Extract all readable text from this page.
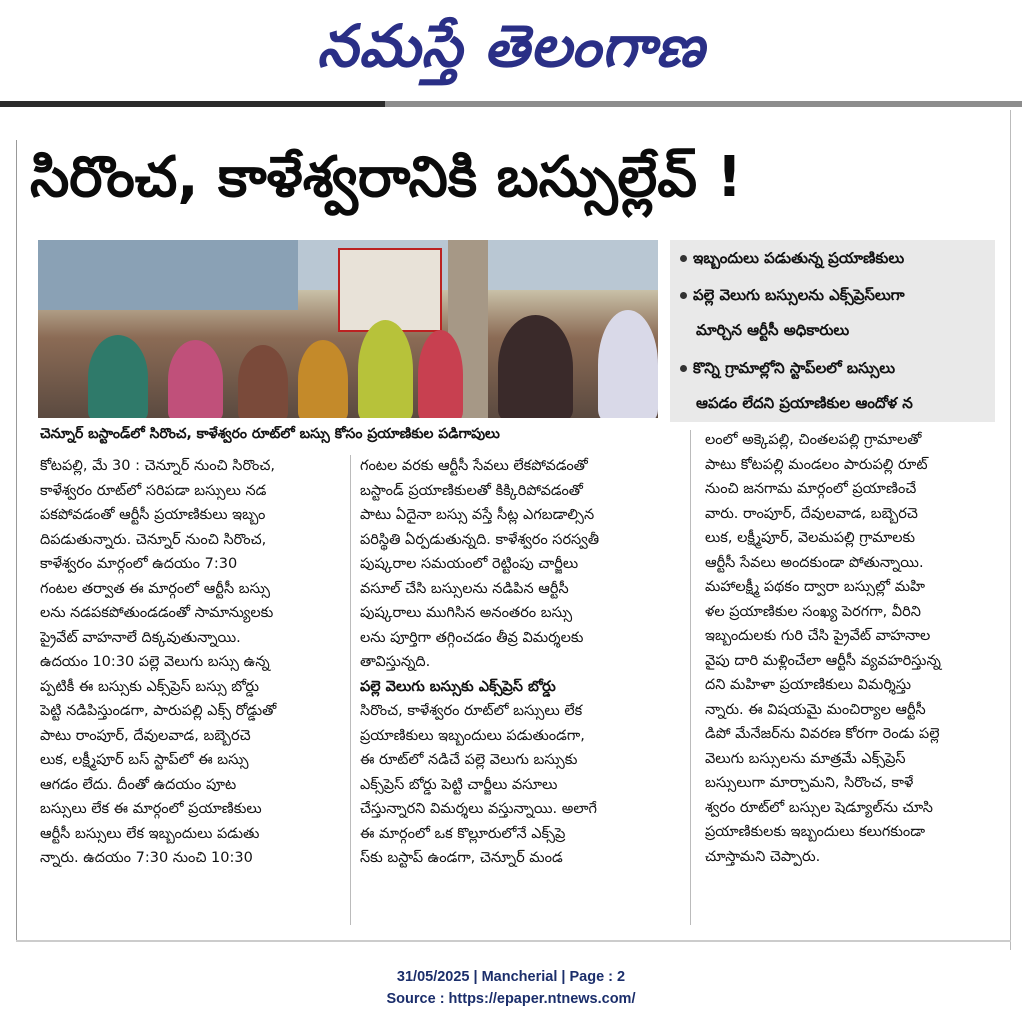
నమస్తే తెలంగాణ
సిరొంచ, కాళేశ్వరానికి బస్సుల్లేవ్ !
చెన్నూర్ బస్టాండ్‌లో సిరొంచ, కాళేశ్వరం రూట్‌లో బస్సు కోసం ప్రయాణికుల పడిగాపులు
ఇబ్బందులు పడుతున్న ప్రయాణికులు
పల్లె వెలుగు బస్సులను ఎక్స్‌ప్రెస్‌లుగా
మార్చిన ఆర్టీసీ అధికారులు
కొన్ని గ్రామాల్లోని స్టాప్‌లలో బస్సులు
ఆపడం లేదని ప్రయాణికుల ఆందోళ న
కోటపల్లి, మే 30 : చెన్నూర్ నుంచి సిరొంచ,
కాళేశ్వరం రూట్‌లో సరిపడా బస్సులు నడ
పకపోవడంతో ఆర్టీసీ ప్రయాణికులు ఇబ్బం
దిపడుతున్నారు. చెన్నూర్ నుంచి సిరొంచ,
కాళేశ్వరం మార్గంలో ఉదయం 7:30
గంటల తర్వాత ఈ మార్గంలో ఆర్టీసీ బస్సు
లను నడపకపోతుండడంతో సామాన్యులకు
ప్రైవేట్ వాహనాలే దిక్కవుతున్నాయి.
ఉదయం 10:30 పల్లె వెలుగు బస్సు ఉన్న
ప్పటికీ ఈ బస్సుకు ఎక్స్‌ప్రెస్ బస్సు బోర్డు
పెట్టి నడిపిస్తుండగా, పారుపల్లి ఎక్స్ రోడ్డుతో
పాటు రాంపూర్, దేవులవాడ, బబ్బెరచె
లుక, లక్ష్మీపూర్ బస్ స్టాప్‌లో ఈ బస్సు
ఆగడం లేదు. దీంతో ఉదయం పూట
బస్సులు లేక ఈ మార్గంలో ప్రయాణికులు
ఆర్టీసీ బస్సులు లేక ఇబ్బందులు పడుతు
న్నారు. ఉదయం 7:30 నుంచి 10:30
గంటల వరకు ఆర్టీసీ సేవలు లేకపోవడంతో
బస్టాండ్ ప్రయాణికులతో కిక్కిరిపోవడంతో
పాటు ఏదైనా బస్సు వస్తే సీట్ల ఎగబడాల్సిన
పరిస్థితి ఏర్పడుతున్నది. కాళేశ్వరం సరస్వతీ
పుష్కరాల సమయంలో రెట్టింపు చార్జీలు
వసూల్ చేసి బస్సులను నడిపిన ఆర్టీసీ
పుష్కరాలు ముగిసిన అనంతరం బస్సు
లను పూర్తిగా తగ్గించడం తీవ్ర విమర్శలకు
తావిస్తున్నది.
పల్లె వెలుగు బస్సుకు ఎక్స్‌ప్రెస్ బోర్డు
సిరొంచ, కాళేశ్వరం రూట్‌లో బస్సులు లేక
ప్రయాణికులు ఇబ్బందులు పడుతుండగా,
ఈ రూట్‌లో నడిచే పల్లె వెలుగు బస్సుకు
ఎక్స్‌ప్రెస్ బోర్డు పెట్టి చార్జీలు వసూలు
చేస్తున్నారని విమర్శలు వస్తున్నాయి. అలాగే
ఈ మార్గంలో ఒక కొల్లూరులోనే ఎక్స్‌ప్రె
స్‌కు బస్టాప్ ఉండగా, చెన్నూర్ మండ
లంలో అక్కెపల్లి, చింతలపల్లి గ్రామాలతో
పాటు కోటపల్లి మండలం పారుపల్లి రూట్
నుంచి జనగామ మార్గంలో ప్రయాణించే
వారు. రాంపూర్, దేవులవాడ, బబ్బెరచె
లుక, లక్ష్మీపూర్, వెలమపల్లి గ్రామాలకు
ఆర్టీసీ సేవలు అందకుండా పోతున్నాయి.
మహాలక్ష్మీ పథకం ద్వారా బస్సుల్లో మహి
ళల ప్రయాణికుల సంఖ్య పెరగగా, వీరిని
ఇబ్బందులకు గురి చేసి ప్రైవేట్ వాహనాల
వైపు దారి మళ్లించేలా ఆర్టీసీ వ్యవహరిస్తున్న
దని మహిళా ప్రయాణికులు విమర్శిస్తు
న్నారు. ఈ విషయమై మంచిర్యాల ఆర్టీసీ
డిపో మేనేజర్‌ను వివరణ కోరగా రెండు పల్లె
వెలుగు బస్సులను మాత్రమే ఎక్స్‌ప్రెస్
బస్సులుగా మార్చామని, సిరొంచ, కాళే
శ్వరం రూట్‌లో బస్సుల షెడ్యూల్‌ను చూసి
ప్రయాణికులకు ఇబ్బందులు కలుగకుండా
చూస్తామని చెప్పారు.
31/05/2025 | Mancherial | Page : 2
Source : https://epaper.ntnews.com/
